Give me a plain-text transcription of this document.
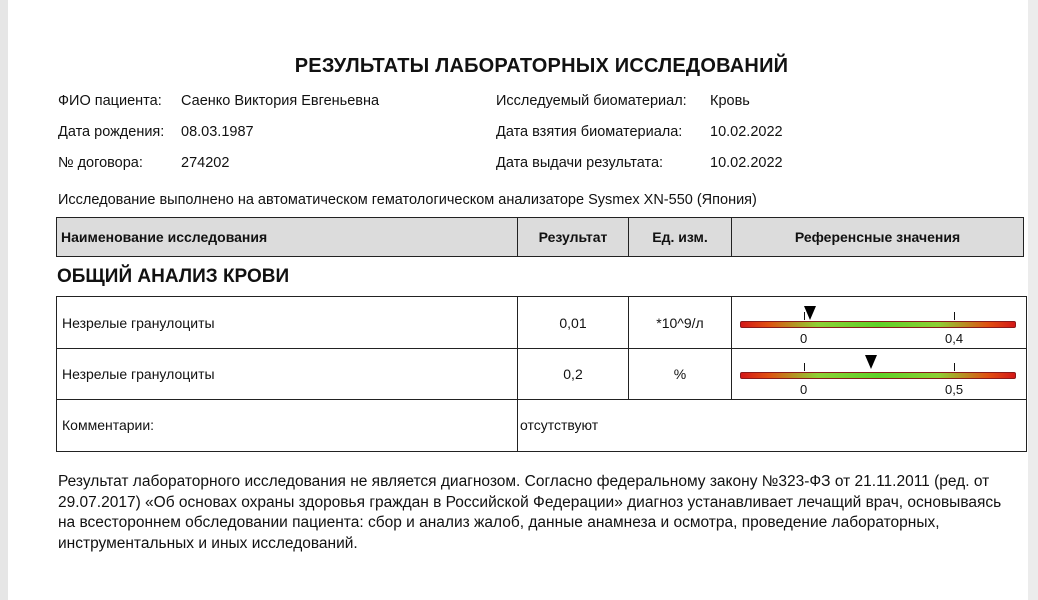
РЕЗУЛЬТАТЫ ЛАБОРАТОРНЫХ ИССЛЕДОВАНИЙ
ФИО пациента: Саенко Виктория Евгеньевна
Дата рождения: 08.03.1987
№ договора:	274202
Исследуемый биоматериал: Кровь
Дата взятия биоматериала: 10.02.2022
Дата выдачи результата:	10.02.2022
Исследование выполнено на автоматическом гематологическом анализаторе Sysmex XN-550 (Япония)
Наименование исследования	Результат	Ед. изм.	Референсные значения
ОБЩИЙ АНАЛИЗ КРОВИ
Незрелые гранулоциты	0,01	*10^9/л
0	0,4
Незрелые гранулоциты	0,2	%
0	0,5
Комментарии:	отсутствуют
Результат лабораторного исследования не является диагнозом. Согласно федеральному закону №323-ФЗ от 21.11.2011 (ред. от 29.07.2017) «Об основах охраны здоровья граждан в Российской Федерации» диагноз устанавливает лечащий врач, основываясь на всестороннем обследовании пациента: сбор и анализ жалоб, данные анамнеза и осмотра, проведение лабораторных, инструментальных и иных исследований.
